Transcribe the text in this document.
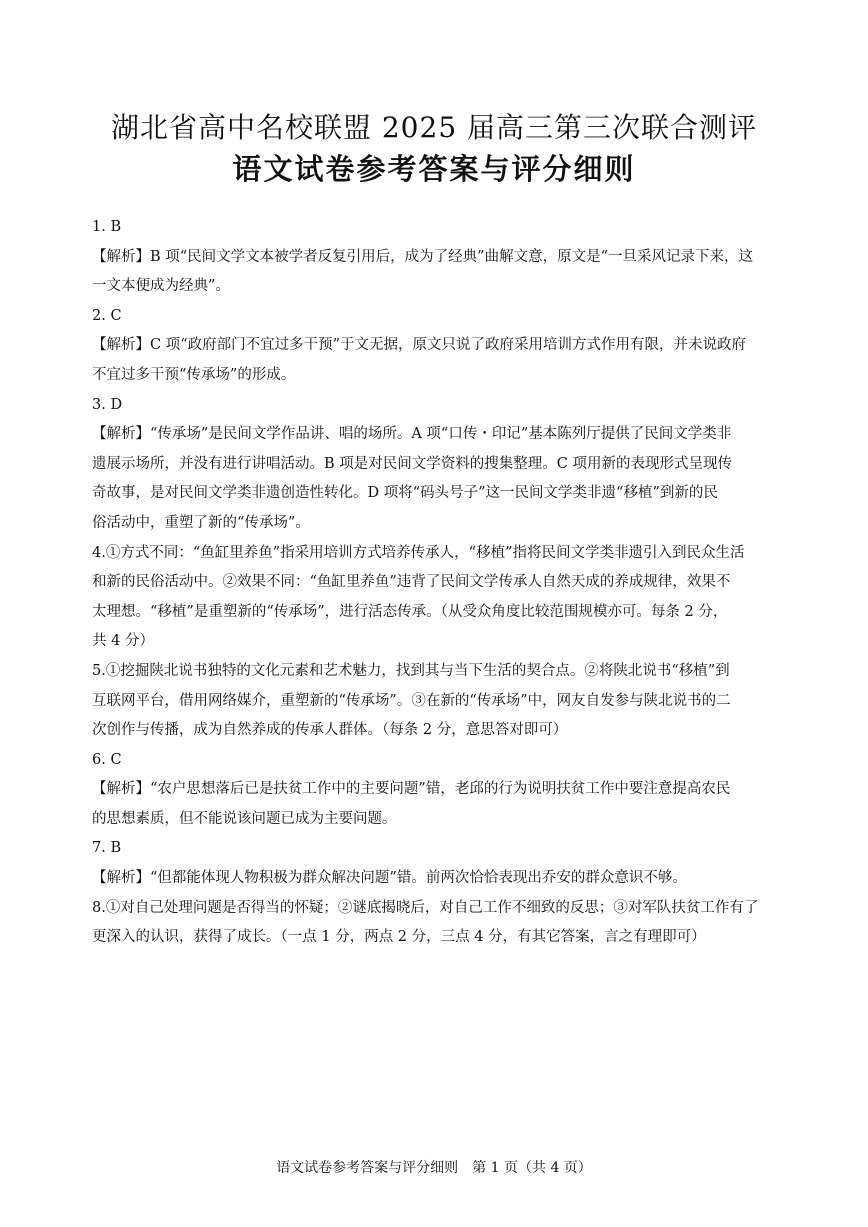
湖北省高中名校联盟 2025 届高三第三次联合测评
语文试卷参考答案与评分细则
1. B
【解析】B 项“民间文学文本被学者反复引用后，成为了经典”曲解文意，原文是“一旦采风记录下来，这
一文本便成为经典”。
2. C
【解析】C 项“政府部门不宜过多干预”于文无据，原文只说了政府采用培训方式作用有限，并未说政府
不宜过多干预“传承场”的形成。
3. D
【解析】“传承场”是民间文学作品讲、唱的场所。A 项“口传・印记”基本陈列厅提供了民间文学类非
遗展示场所，并没有进行讲唱活动。B 项是对民间文学资料的搜集整理。C 项用新的表现形式呈现传
奇故事，是对民间文学类非遗创造性转化。D 项将“码头号子”这一民间文学类非遗“移植”到新的民
俗活动中，重塑了新的“传承场”。
4.①方式不同：“鱼缸里养鱼”指采用培训方式培养传承人，“移植”指将民间文学类非遗引入到民众生活
和新的民俗活动中。②效果不同：“鱼缸里养鱼”违背了民间文学传承人自然天成的养成规律，效果不
太理想。“移植”是重塑新的“传承场”，进行活态传承。（从受众角度比较范围规模亦可。每条 2 分，
共 4 分）
5.①挖掘陕北说书独特的文化元素和艺术魅力，找到其与当下生活的契合点。②将陕北说书“移植”到
互联网平台，借用网络媒介，重塑新的“传承场”。③在新的“传承场”中，网友自发参与陕北说书的二
次创作与传播，成为自然养成的传承人群体。（每条 2 分，意思答对即可）
6. C
【解析】“农户思想落后已是扶贫工作中的主要问题”错，老邱的行为说明扶贫工作中要注意提高农民
的思想素质，但不能说该问题已成为主要问题。
7. B
【解析】“但都能体现人物积极为群众解决问题”错。前两次恰恰表现出乔安的群众意识不够。
8.①对自己处理问题是否得当的怀疑；②谜底揭晓后，对自己工作不细致的反思；③对军队扶贫工作有了
更深入的认识，获得了成长。（一点 1 分，两点 2 分，三点 4 分，有其它答案，言之有理即可）
语文试卷参考答案与评分细则　第 1 页（共 4 页）
